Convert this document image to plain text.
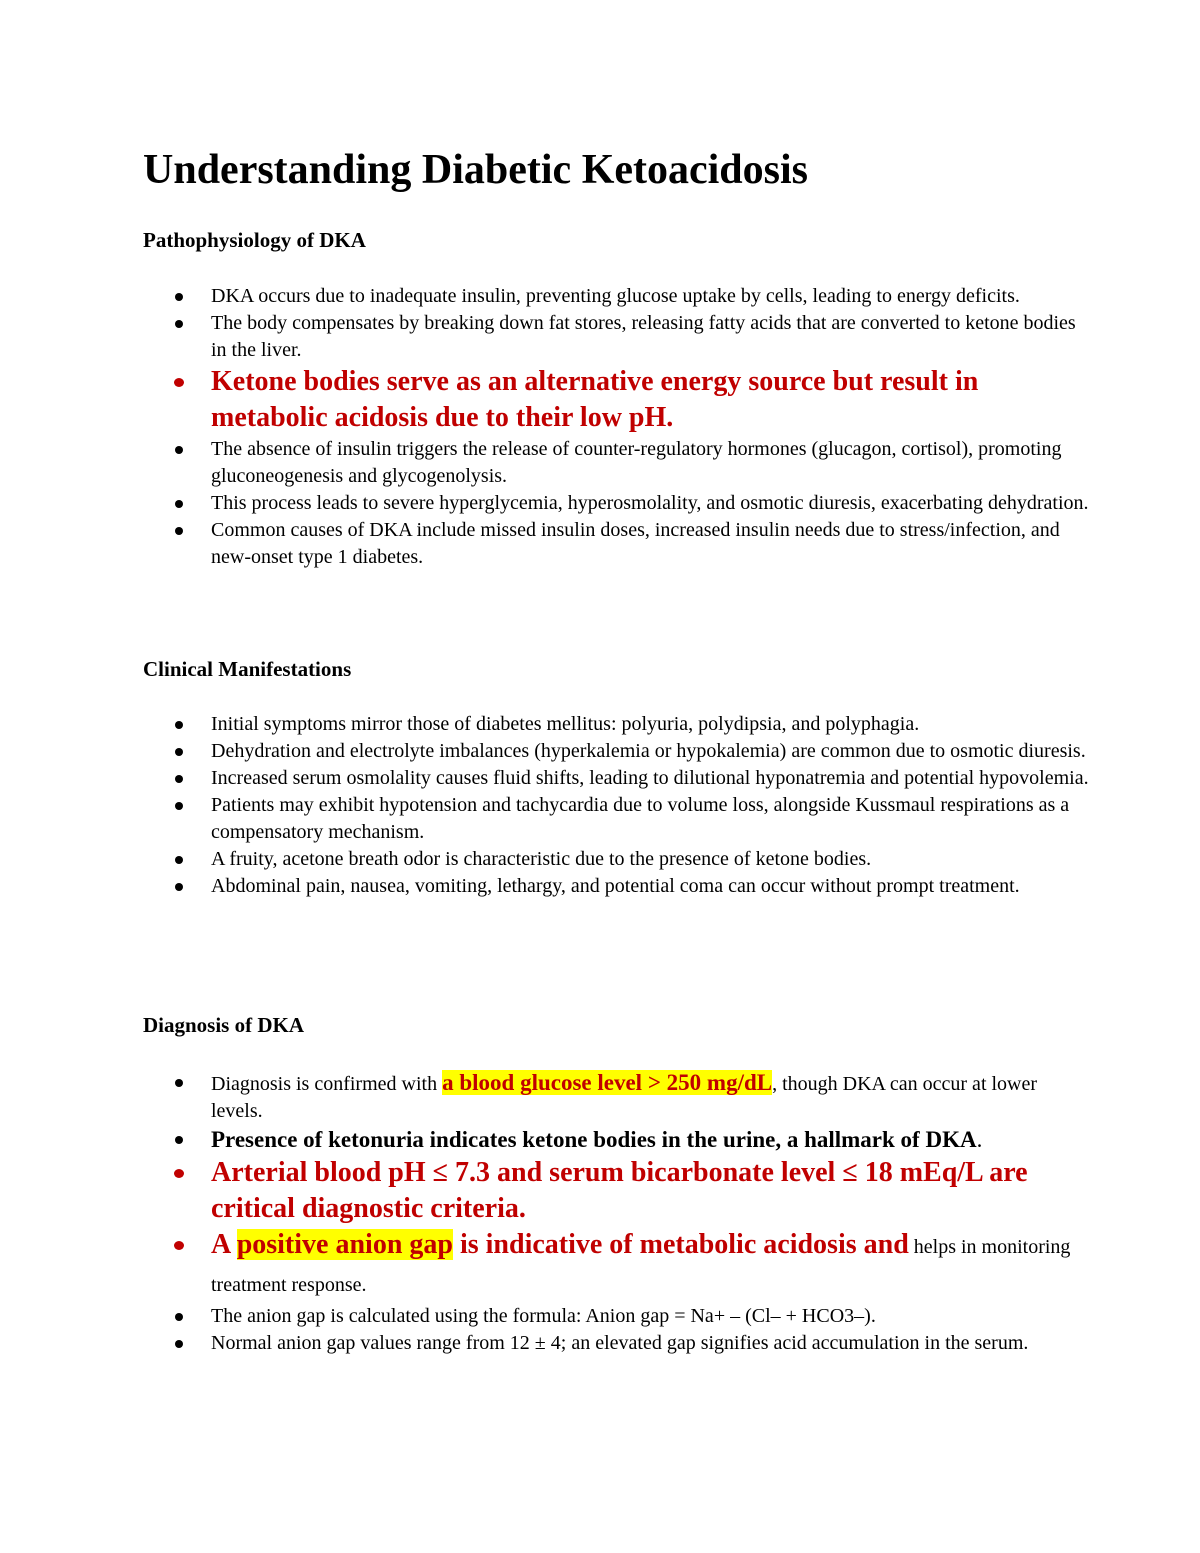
Understanding Diabetic Ketoacidosis
Pathophysiology of DKA
DKA occurs due to inadequate insulin, preventing glucose uptake by cells, leading to energy deficits.
The body compensates by breaking down fat stores, releasing fatty acids that are converted to ketone bodies in the liver.
Ketone bodies serve as an alternative energy source but result in metabolic acidosis due to their low pH.
The absence of insulin triggers the release of counter-regulatory hormones (glucagon, cortisol), promoting gluconeogenesis and glycogenolysis.
This process leads to severe hyperglycemia, hyperosmolality, and osmotic diuresis, exacerbating dehydration.
Common causes of DKA include missed insulin doses, increased insulin needs due to stress/infection, and new-onset type 1 diabetes.
Clinical Manifestations
Initial symptoms mirror those of diabetes mellitus: polyuria, polydipsia, and polyphagia.
Dehydration and electrolyte imbalances (hyperkalemia or hypokalemia) are common due to osmotic diuresis.
Increased serum osmolality causes fluid shifts, leading to dilutional hyponatremia and potential hypovolemia.
Patients may exhibit hypotension and tachycardia due to volume loss, alongside Kussmaul respirations as a compensatory mechanism.
A fruity, acetone breath odor is characteristic due to the presence of ketone bodies.
Abdominal pain, nausea, vomiting, lethargy, and potential coma can occur without prompt treatment.
Diagnosis of DKA
Diagnosis is confirmed with a blood glucose level > 250 mg/dL, though DKA can occur at lower levels.
Presence of ketonuria indicates ketone bodies in the urine, a hallmark of DKA.
Arterial blood pH ≤ 7.3 and serum bicarbonate level ≤ 18 mEq/L are critical diagnostic criteria.
A positive anion gap is indicative of metabolic acidosis and helps in monitoring treatment response.
The anion gap is calculated using the formula: Anion gap = Na+ – (Cl– + HCO3–).
Normal anion gap values range from 12 ± 4; an elevated gap signifies acid accumulation in the serum.
